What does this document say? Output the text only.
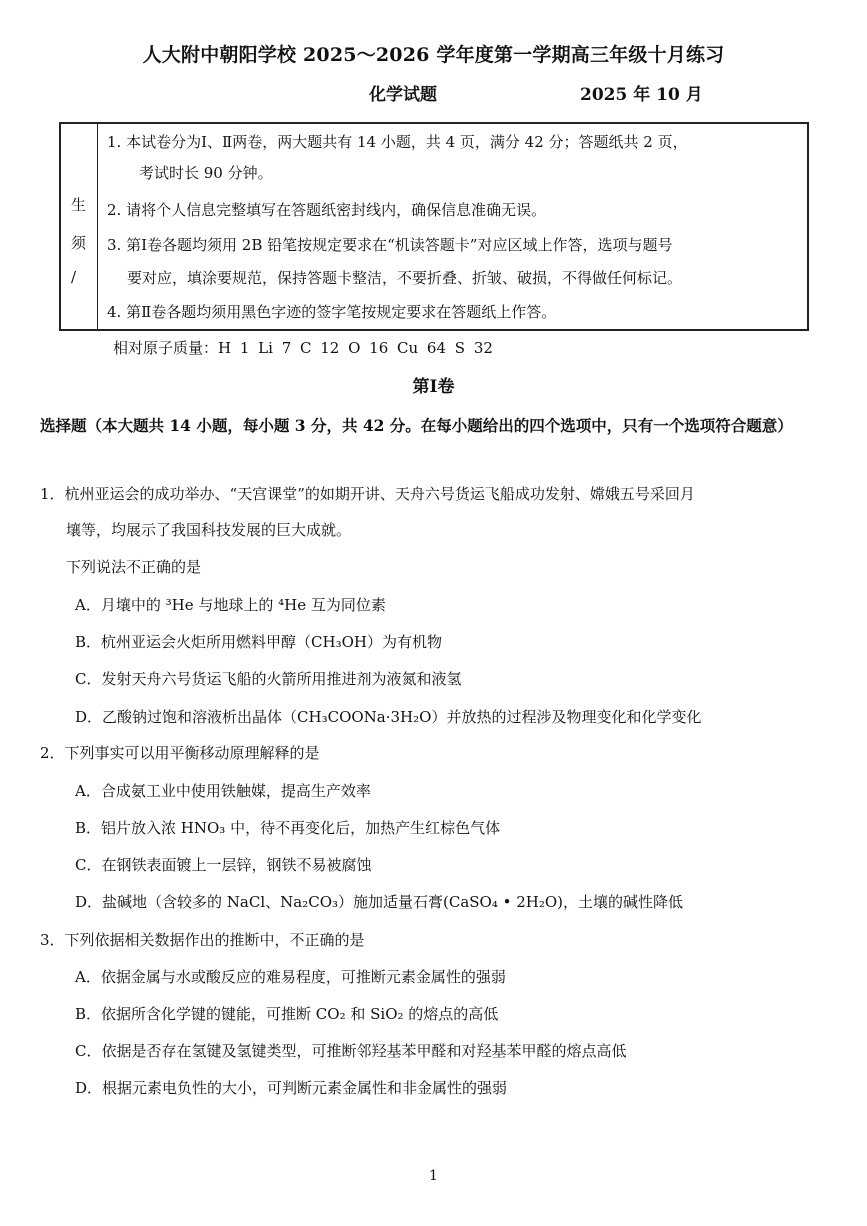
人大附中朝阳学校 2025～2026 学年度第一学期高三年级十月练习
化学试题	2025 年 10 月
生
须
/
1. 本试卷分为Ⅰ、Ⅱ两卷，两大题共有 14 小题，共 4 页，满分 42 分；答题纸共 2 页，
考试时长 90 分钟。
2. 请将个人信息完整填写在答题纸密封线内，确保信息准确无误。
3. 第Ⅰ卷各题均须用 2B 铅笔按规定要求在“机读答题卡”对应区域上作答，选项与题号
要对应，填涂要规范，保持答题卡整洁，不要折叠、折皱、破损，不得做任何标记。
4. 第Ⅱ卷各题均须用黑色字迹的签字笔按规定要求在答题纸上作答。
相对原子质量：H 1 Li 7 C 12 O 16 Cu 64 S 32
第Ⅰ卷
选择题（本大题共 14 小题，每小题 3 分，共 42 分。在每小题给出的四个选项中，只有一个选项符合题意）
1．杭州亚运会的成功举办、“天宫课堂”的如期开讲、天舟六号货运飞船成功发射、嫦娥五号采回月
壤等，均展示了我国科技发展的巨大成就。
下列说法不正确的是
A．月壤中的 ³He 与地球上的 ⁴He 互为同位素
B．杭州亚运会火炬所用燃料甲醇（CH₃OH）为有机物
C．发射天舟六号货运飞船的火箭所用推进剂为液氮和液氢
D．乙酸钠过饱和溶液析出晶体（CH₃COONa·3H₂O）并放热的过程涉及物理变化和化学变化
2．下列事实可以用平衡移动原理解释的是
A．合成氨工业中使用铁触媒，提高生产效率
B．铝片放入浓 HNO₃ 中，待不再变化后，加热产生红棕色气体
C．在钢铁表面镀上一层锌，钢铁不易被腐蚀
D．盐碱地（含较多的 NaCl、Na₂CO₃）施加适量石膏(CaSO₄ • 2H₂O)，土壤的碱性降低
3．下列依据相关数据作出的推断中，不正确的是
A．依据金属与水或酸反应的难易程度，可推断元素金属性的强弱
B．依据所含化学键的键能，可推断 CO₂ 和 SiO₂ 的熔点的高低
C．依据是否存在氢键及氢键类型，可推断邻羟基苯甲醛和对羟基苯甲醛的熔点高低
D．根据元素电负性的大小，可判断元素金属性和非金属性的强弱
1
